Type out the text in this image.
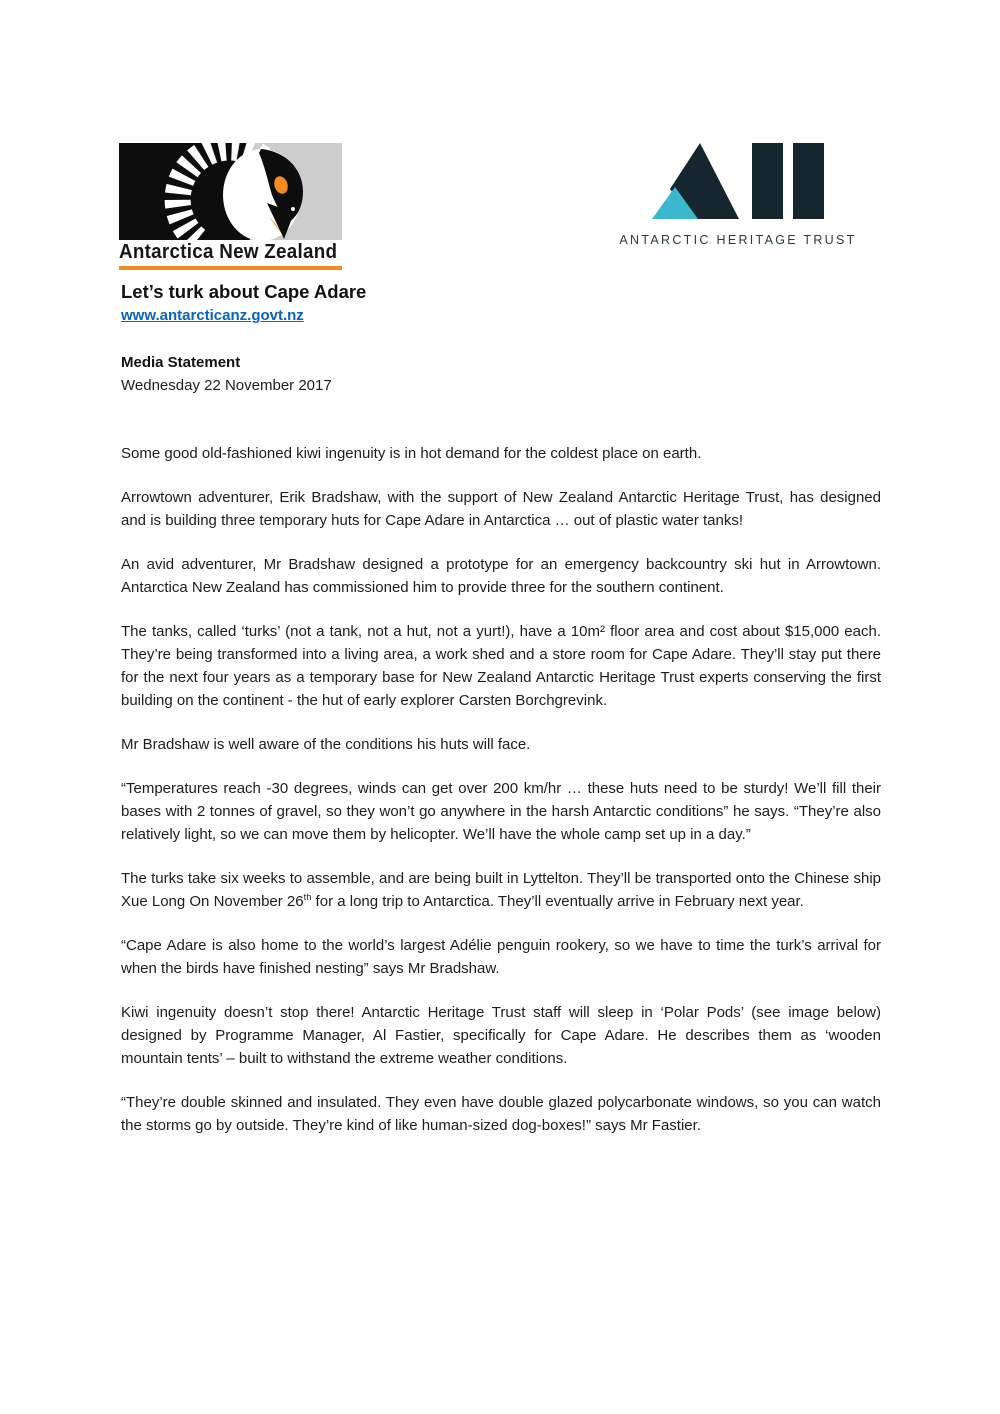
Antarctica New Zealand
ANTARCTIC HERITAGE TRUST
Let’s turk about Cape Adare
www.antarcticanz.govt.nz

Media Statement

Wednesday 22 November 2017

Some good old-fashioned kiwi ingenuity is in hot demand for the coldest place on earth.

Arrowtown adventurer, Erik Bradshaw, with the support of New Zealand Antarctic Heritage Trust, has designed and is building three temporary huts for Cape Adare in Antarctica … out of plastic water tanks!

An avid adventurer, Mr Bradshaw designed a prototype for an emergency backcountry ski hut in Arrowtown. Antarctica New Zealand has commissioned him to provide three for the southern continent.

The tanks, called ‘turks’ (not a tank, not a hut, not a yurt!), have a 10m² floor area and cost about $15,000 each. They’re being transformed into a living area, a work shed and a store room for Cape Adare. They’ll stay put there for the next four years as a temporary base for New Zealand Antarctic Heritage Trust experts conserving the first building on the continent - the hut of early explorer Carsten Borchgrevink.

Mr Bradshaw is well aware of the conditions his huts will face.

“Temperatures reach -30 degrees, winds can get over 200 km/hr … these huts need to be sturdy! We’ll fill their bases with 2 tonnes of gravel, so they won’t go anywhere in the harsh Antarctic conditions” he says. “They’re also relatively light, so we can move them by helicopter. We’ll have the whole camp set up in a day.”

The turks take six weeks to assemble, and are being built in Lyttelton. They’ll be transported onto the Chinese ship Xue Long On November 26th for a long trip to Antarctica. They’ll eventually arrive in February next year.

“Cape Adare is also home to the world’s largest Adélie penguin rookery, so we have to time the turk’s arrival for when the birds have finished nesting” says Mr Bradshaw.

Kiwi ingenuity doesn’t stop there! Antarctic Heritage Trust staff will sleep in ‘Polar Pods’ (see image below) designed by Programme Manager, Al Fastier, specifically for Cape Adare. He describes them as ‘wooden mountain tents’ – built to withstand the extreme weather conditions.

“They’re double skinned and insulated. They even have double glazed polycarbonate windows, so you can watch the storms go by outside. They’re kind of like human-sized dog-boxes!” says Mr Fastier.
